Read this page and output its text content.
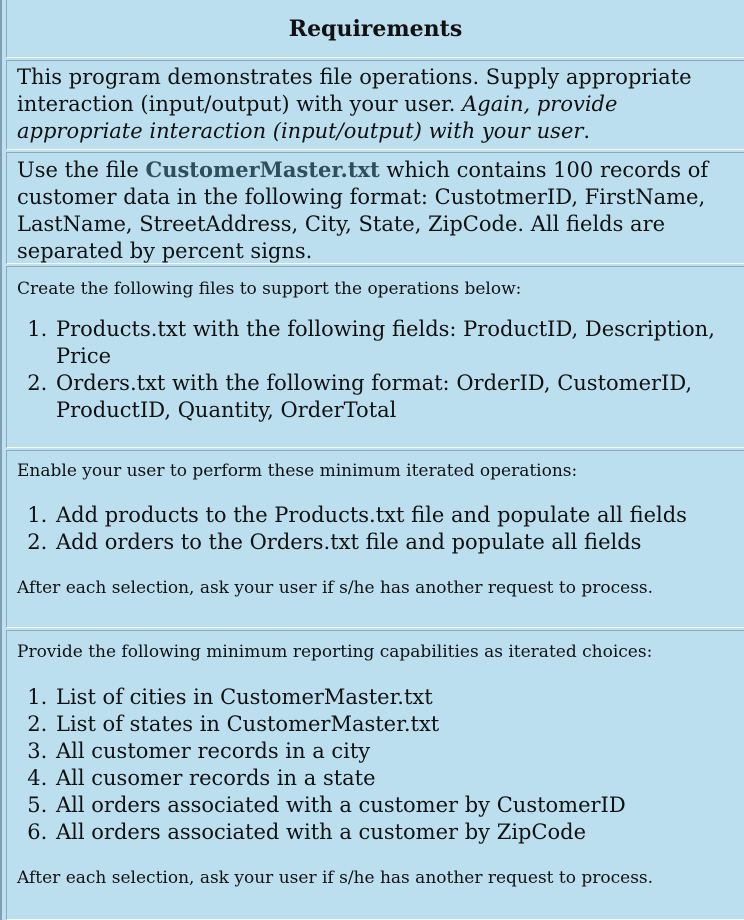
Requirements

This program demonstrates file operations. Supply appropriate interaction (input/output) with your user. Again, provide appropriate interaction (input/output) with your user.

Use the file CustomerMaster.txt which contains 100 records of customer data in the following format: CustotmerID, FirstName, LastName, StreetAddress, City, State, ZipCode. All fields are separated by percent signs.

Create the following files to support the operations below:

1. Products.txt with the following fields: ProductID, Description, Price
2. Orders.txt with the following format: OrderID, CustomerID, ProductID, Quantity, OrderTotal

Enable your user to perform these minimum iterated operations:

1. Add products to the Products.txt file and populate all fields
2. Add orders to the Orders.txt file and populate all fields

After each selection, ask your user if s/he has another request to process.

Provide the following minimum reporting capabilities as iterated choices:

1. List of cities in CustomerMaster.txt
2. List of states in CustomerMaster.txt
3. All customer records in a city
4. All cusomer records in a state
5. All orders associated with a customer by CustomerID
6. All orders associated with a customer by ZipCode

After each selection, ask your user if s/he has another request to process.
